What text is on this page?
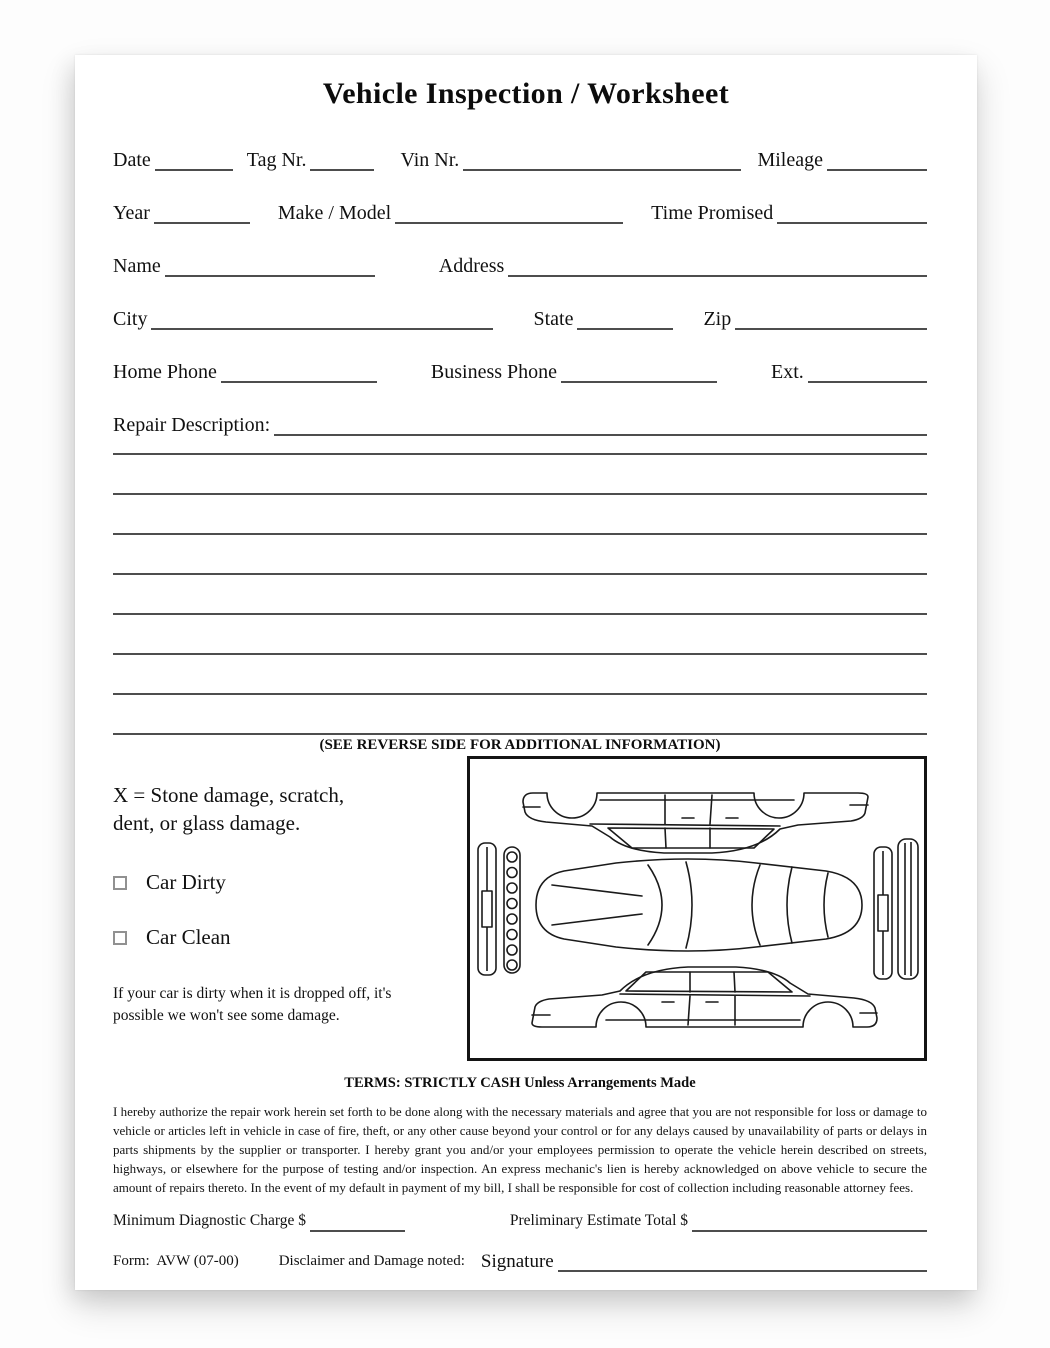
Vehicle Inspection / Worksheet
Date	Tag Nr.	Vin Nr.	Mileage
Year	Make / Model	Time Promised
Name	Address
City	State	Zip
Home Phone	Business Phone	Ext.
Repair Description:
(SEE REVERSE SIDE FOR ADDITIONAL INFORMATION)

X = Stone damage, scratch, dent, or glass damage.

Car Dirty
Car Clean

If your car is dirty when it is dropped off, it's possible we won't see some damage.

TERMS: STRICTLY CASH Unless Arrangements Made

I hereby authorize the repair work herein set forth to be done along with the necessary materials and agree that you are not responsible for loss or damage to vehicle or articles left in vehicle in case of fire, theft, or any other cause beyond your control or for any delays caused by unavailability of parts or delays in parts shipments by the supplier or transporter. I hereby grant you and/or your employees permission to operate the vehicle herein described on streets, highways, or elsewhere for the purpose of testing and/or inspection. An express mechanic's lien is hereby acknowledged on above vehicle to secure the amount of repairs thereto. In the event of my default in payment of my bill, I shall be responsible for cost of collection including reasonable attorney fees.

Minimum Diagnostic Charge $	Preliminary Estimate Total $
Form:  AVW (07-00)	Disclaimer and Damage noted: Signature
